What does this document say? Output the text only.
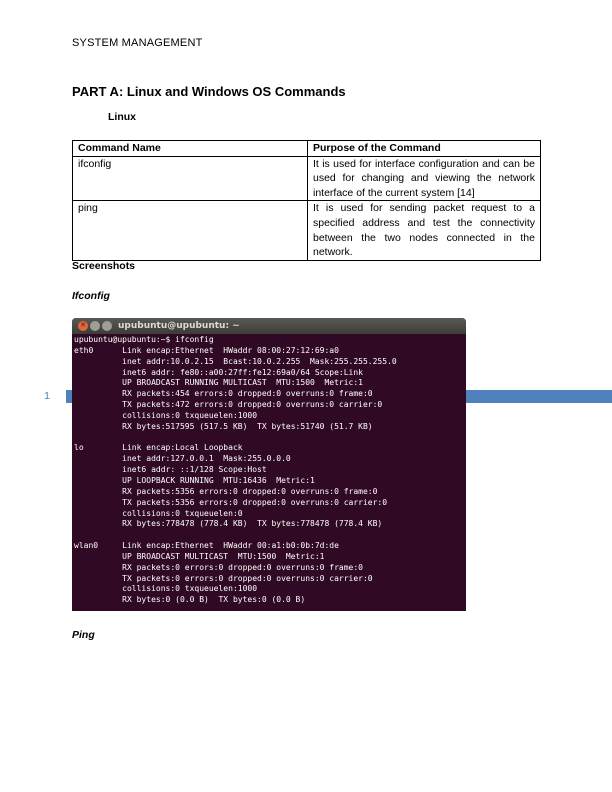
SYSTEM MANAGEMENT
PART A: Linux and Windows OS Commands
Linux
Command Name	Purpose of the Command
ifconfig	It is used for interface configuration and can be used for changing and viewing the network interface of the current system [14]
ping	It is used for sending packet request to a specified address and test the connectivity between the two nodes connected in the network.
Screenshots
Ifconfig
1
✕	upubuntu@upubuntu: ~
upubuntu@upubuntu:~$ ifconfig
eth0      Link encap:Ethernet  HWaddr 08:00:27:12:69:a0
inet addr:10.0.2.15  Bcast:10.0.2.255  Mask:255.255.255.0
inet6 addr: fe80::a00:27ff:fe12:69a0/64 Scope:Link
UP BROADCAST RUNNING MULTICAST  MTU:1500  Metric:1
RX packets:454 errors:0 dropped:0 overruns:0 frame:0
TX packets:472 errors:0 dropped:0 overruns:0 carrier:0
collisions:0 txqueuelen:1000
RX bytes:517595 (517.5 KB)  TX bytes:51740 (51.7 KB)

lo        Link encap:Local Loopback
inet addr:127.0.0.1  Mask:255.0.0.0
inet6 addr: ::1/128 Scope:Host
UP LOOPBACK RUNNING  MTU:16436  Metric:1
RX packets:5356 errors:0 dropped:0 overruns:0 frame:0
TX packets:5356 errors:0 dropped:0 overruns:0 carrier:0
collisions:0 txqueuelen:0
RX bytes:778478 (778.4 KB)  TX bytes:778478 (778.4 KB)

wlan0     Link encap:Ethernet  HWaddr 00:a1:b0:0b:7d:de
UP BROADCAST MULTICAST  MTU:1500  Metric:1
RX packets:0 errors:0 dropped:0 overruns:0 frame:0
TX packets:0 errors:0 dropped:0 overruns:0 carrier:0
collisions:0 txqueuelen:1000
RX bytes:0 (0.0 B)  TX bytes:0 (0.0 B)

Ping
